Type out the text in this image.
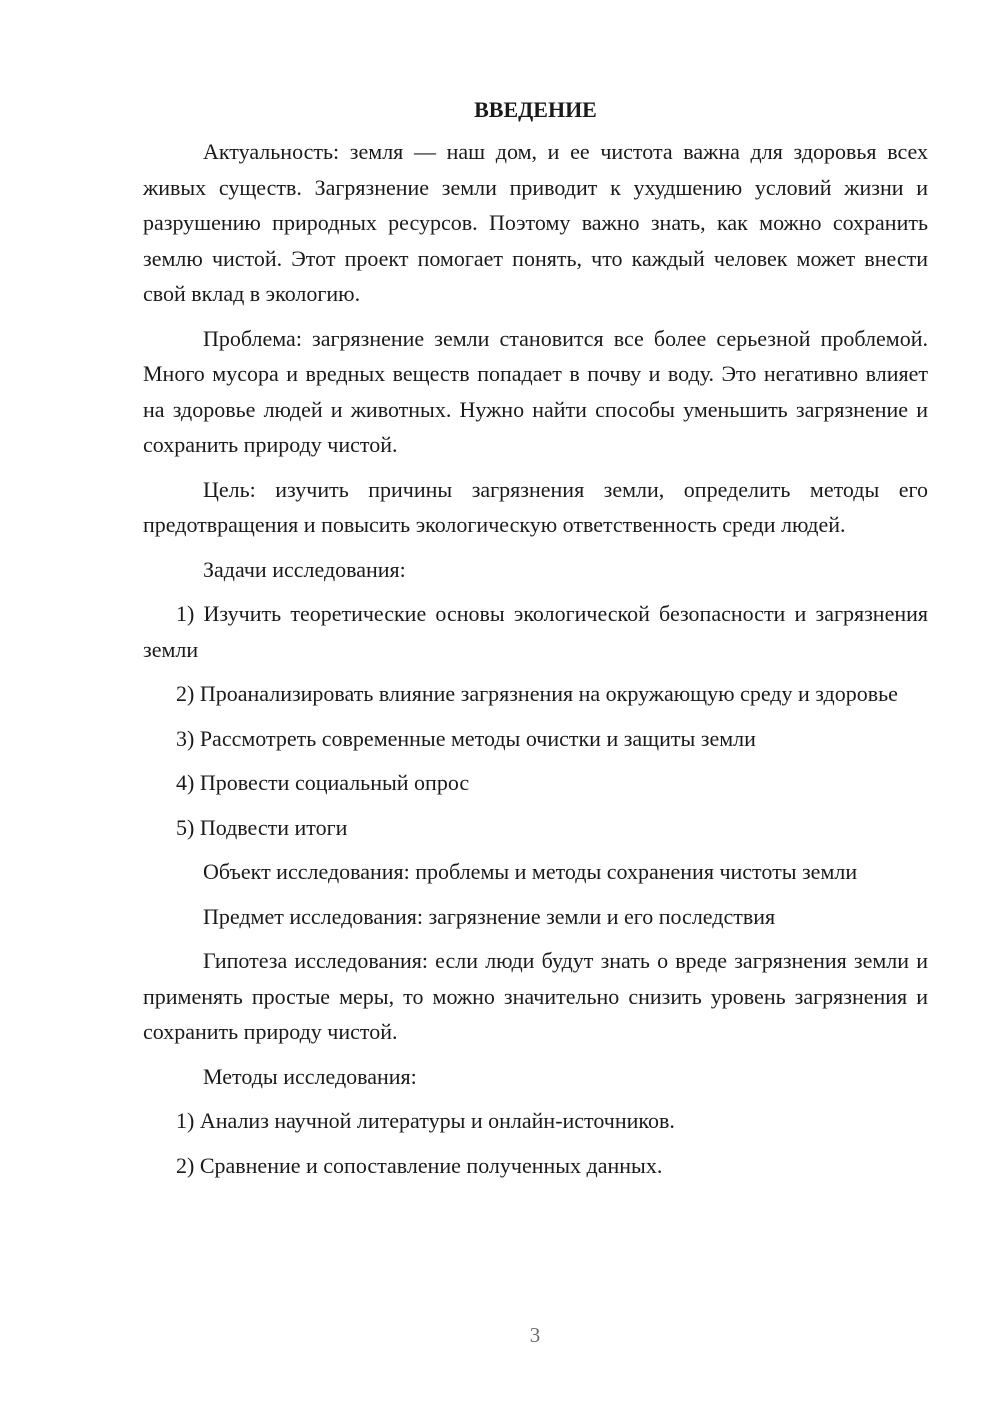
ВВЕДЕНИЕ

Актуальность: земля — наш дом, и ее чистота важна для здоровья всех живых существ. Загрязнение земли приводит к ухудшению условий жизни и разрушению природных ресурсов. Поэтому важно знать, как можно сохранить землю чистой. Этот проект помогает понять, что каждый человек может внести свой вклад в экологию.

Проблема: загрязнение земли становится все более серьезной проблемой. Много мусора и вредных веществ попадает в почву и воду. Это негативно влияет на здоровье людей и животных. Нужно найти способы уменьшить загрязнение и сохранить природу чистой.

Цель: изучить причины загрязнения земли, определить методы его предотвращения и повысить экологическую ответственность среди людей.

Задачи исследования:

1) Изучить теоретические основы экологической безопасности и загрязнения земли

2) Проанализировать влияние загрязнения на окружающую среду и здоровье

3) Рассмотреть современные методы очистки и защиты земли

4) Провести социальный опрос

5) Подвести итоги

Объект исследования: проблемы и методы сохранения чистоты земли

Предмет исследования: загрязнение земли и его последствия

Гипотеза исследования: если люди будут знать о вреде загрязнения земли и применять простые меры, то можно значительно снизить уровень загрязнения и сохранить природу чистой.

Методы исследования:

1) Анализ научной литературы и онлайн-источников.

2) Сравнение и сопоставление полученных данных.

3
